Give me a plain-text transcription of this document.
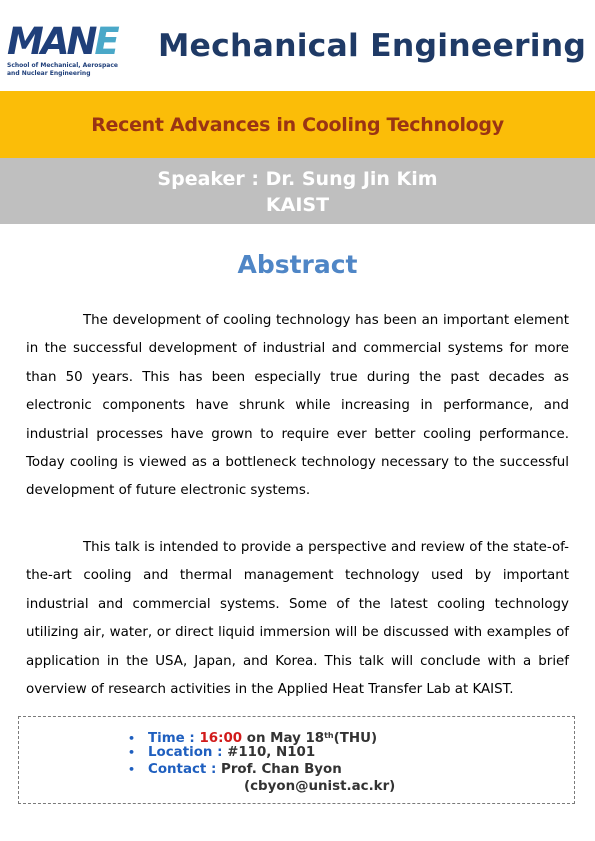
MANE
School of Mechanical, Aerospace
and Nuclear Engineering
Mechanical Engineering
Recent Advances in Cooling Technology
Speaker : Dr. Sung Jin Kim
KAIST
Abstract

The development of cooling technology has been an important element in the successful development of industrial and commercial systems for more than 50 years. This has been especially true during the past decades as electronic components have shrunk while increasing in performance, and industrial processes have grown to require ever better cooling performance. Today cooling is viewed as a bottleneck technology necessary to the successful development of future electronic systems.

This talk is intended to provide a perspective and review of the state-of-the-art cooling and thermal management technology used by important industrial and commercial systems. Some of the latest cooling technology utilizing air, water, or direct liquid immersion will be discussed with examples of application in the USA, Japan, and Korea. This talk will conclude with a brief overview of research activities in the Applied Heat Transfer Lab at KAIST.

• Time : 16:00 on May 18th(THU)
• Location : #110, N101
• Contact : Prof. Chan Byon
(cbyon@unist.ac.kr)
